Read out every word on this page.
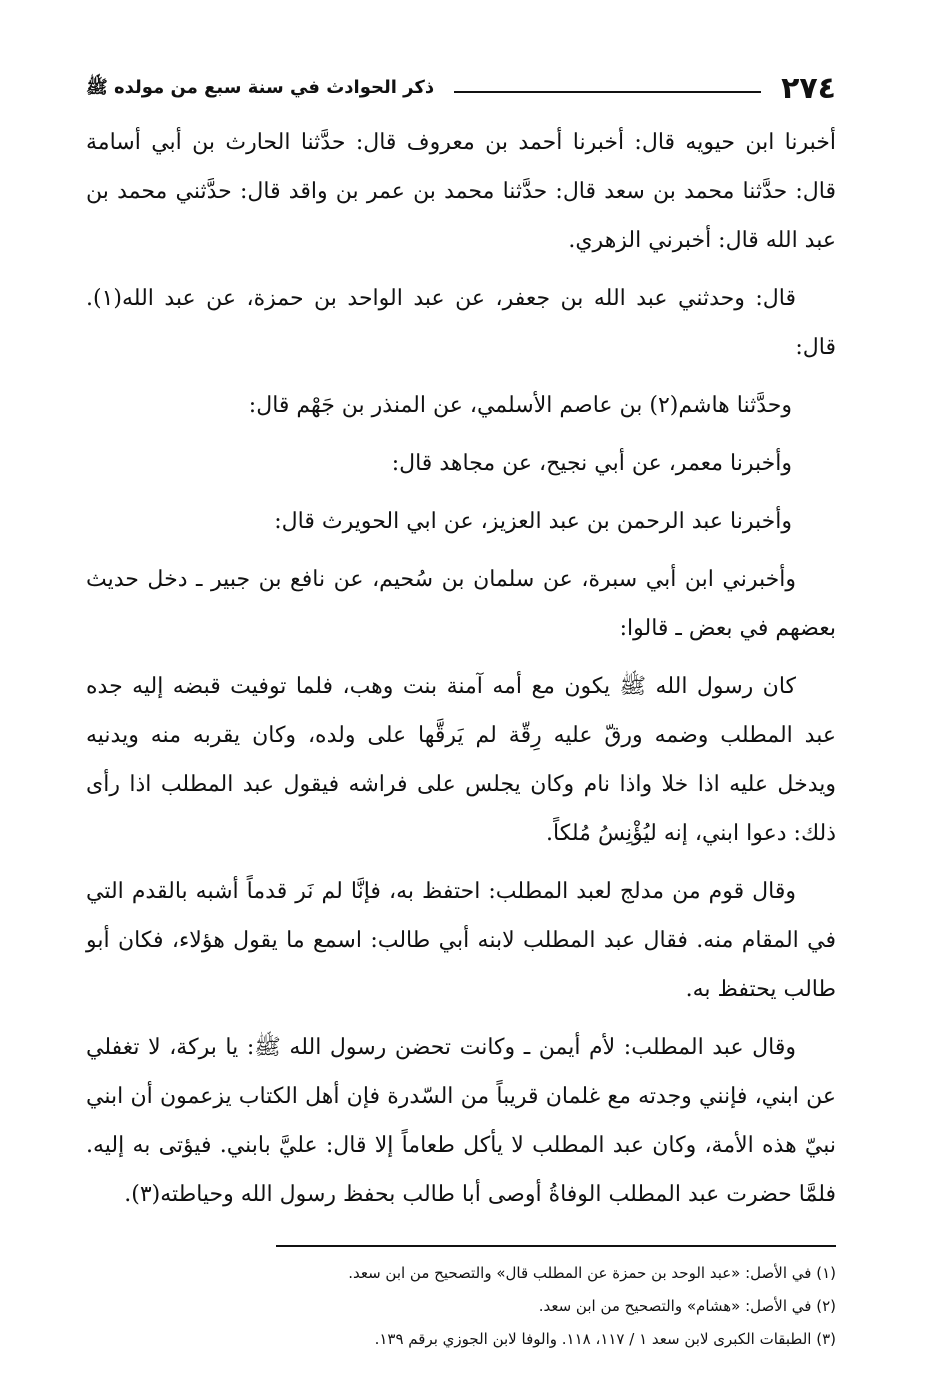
٢٧٤
ذكر الحوادث في سنة سبع من مولده ﷺ

أخبرنا ابن حيويه قال: أخبرنا أحمد بن معروف قال: حدَّثنا الحارث بن أبي أسامة قال: حدَّثنا محمد بن سعد قال: حدَّثنا محمد بن عمر بن واقد قال: حدَّثني محمد بن عبد الله قال: أخبرني الزهري.

قال: وحدثني عبد الله بن جعفر، عن عبد الواحد بن حمزة، عن عبد الله(١). قال:

وحدَّثنا هاشم(٢) بن عاصم الأسلمي، عن المنذر بن جَهْم قال:

وأخبرنا معمر، عن أبي نجيح، عن مجاهد قال:

وأخبرنا عبد الرحمن بن عبد العزيز، عن ابي الحويرث قال:

وأخبرني ابن أبي سبرة، عن سلمان بن سُحيم، عن نافع بن جبير ـ دخل حديث بعضهم في بعض ـ قالوا:

كان رسول الله ﷺ يكون مع أمه آمنة بنت وهب، فلما توفيت قبضه إليه جده عبد المطلب وضمه ورقّ عليه رِقّة لم يَرقَّها على ولده، وكان يقربه منه ويدنيه ويدخل عليه اذا خلا واذا نام وكان يجلس على فراشه فيقول عبد المطلب اذا رأى ذلك: دعوا ابني، إنه ليُؤْنِسُ مُلكاً.

وقال قوم من مدلج لعبد المطلب: احتفظ به، فإنَّا لم نَر قدماً أشبه بالقدم التي في المقام منه. فقال عبد المطلب لابنه أبي طالب: اسمع ما يقول هؤلاء، فكان أبو طالب يحتفظ به.

وقال عبد المطلب: لأم أيمن ـ وكانت تحضن رسول الله ﷺ: يا بركة، لا تغفلي عن ابني، فإنني وجدته مع غلمان قريباً من السّدرة فإن أهل الكتاب يزعمون أن ابني نبيّ هذه الأمة، وكان عبد المطلب لا يأكل طعاماً إلا قال: عليَّ بابني. فيؤتى به إليه. فلمَّا حضرت عبد المطلب الوفاةُ أوصى أبا طالب بحفظ رسول الله وحياطته(٣).

(١) في الأصل: «عبد الوحد بن حمزة عن المطلب قال» والتصحيح من ابن سعد.
(٢) في الأصل: «هشام» والتصحيح من ابن سعد.
(٣) الطبقات الكبرى لابن سعد ١ / ١١٧، ١١٨. والوفا لابن الجوزي برقم ١٣٩.
